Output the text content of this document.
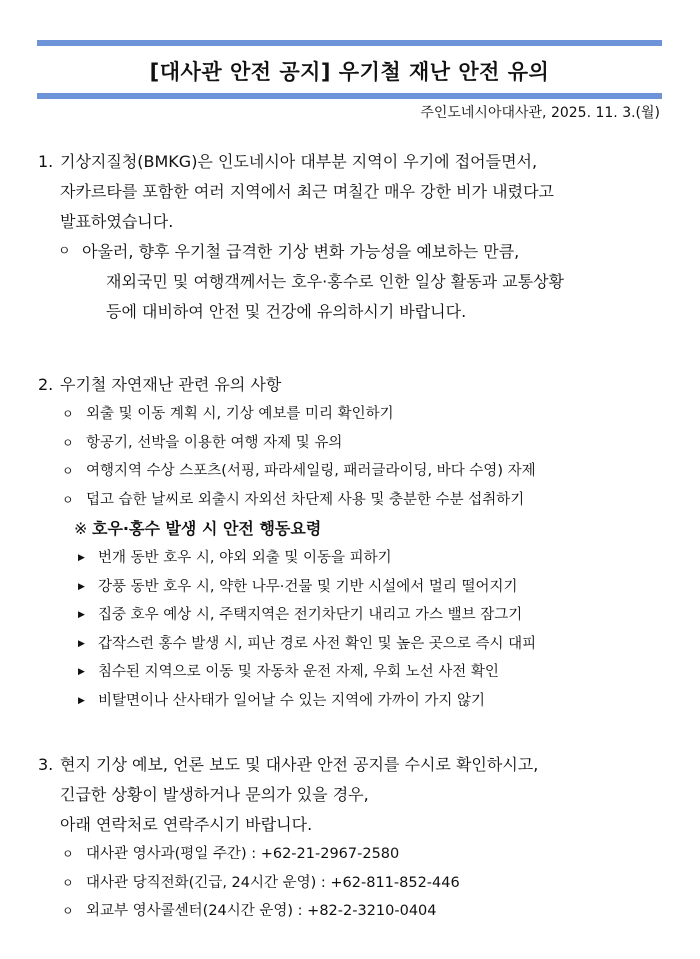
[대사관 안전 공지] 우기철 재난 안전 유의
주인도네시아대사관, 2025. 11. 3.(월)
1. 기상지질청(BMKG)은 인도네시아 대부분 지역이 우기에 접어들면서,
자카르타를 포함한 여러 지역에서 최근 며칠간 매우 강한 비가 내렸다고
발표하였습니다.
ㅇ 아울러, 향후 우기철 급격한 기상 변화 가능성을 예보하는 만큼,
재외국민 및 여행객께서는 호우·홍수로 인한 일상 활동과 교통상황
등에 대비하여 안전 및 건강에 유의하시기 바랍니다.
2. 우기철 자연재난 관련 유의 사항
ㅇ 외출 및 이동 계획 시, 기상 예보를 미리 확인하기
ㅇ 항공기, 선박을 이용한 여행 자제 및 유의
ㅇ 여행지역 수상 스포츠(서핑, 파라세일링, 패러글라이딩, 바다 수영) 자제
ㅇ 덥고 습한 날씨로 외출시 자외선 차단제 사용 및 충분한 수분 섭취하기
※ 호우·홍수 발생 시 안전 행동요령
▶ 번개 동반 호우 시, 야외 외출 및 이동을 피하기
▶ 강풍 동반 호우 시, 약한 나무·건물 및 기반 시설에서 멀리 떨어지기
▶ 집중 호우 예상 시, 주택지역은 전기차단기 내리고 가스 밸브 잠그기
▶ 갑작스런 홍수 발생 시, 피난 경로 사전 확인 및 높은 곳으로 즉시 대피
▶ 침수된 지역으로 이동 및 자동차 운전 자제, 우회 노선 사전 확인
▶ 비탈면이나 산사태가 일어날 수 있는 지역에 가까이 가지 않기
3. 현지 기상 예보, 언론 보도 및 대사관 안전 공지를 수시로 확인하시고,
긴급한 상황이 발생하거나 문의가 있을 경우,
아래 연락처로 연락주시기 바랍니다.
ㅇ 대사관 영사과(평일 주간) : +62-21-2967-2580
ㅇ 대사관 당직전화(긴급, 24시간 운영) : +62-811-852-446
ㅇ 외교부 영사콜센터(24시간 운영) : +82-2-3210-0404
